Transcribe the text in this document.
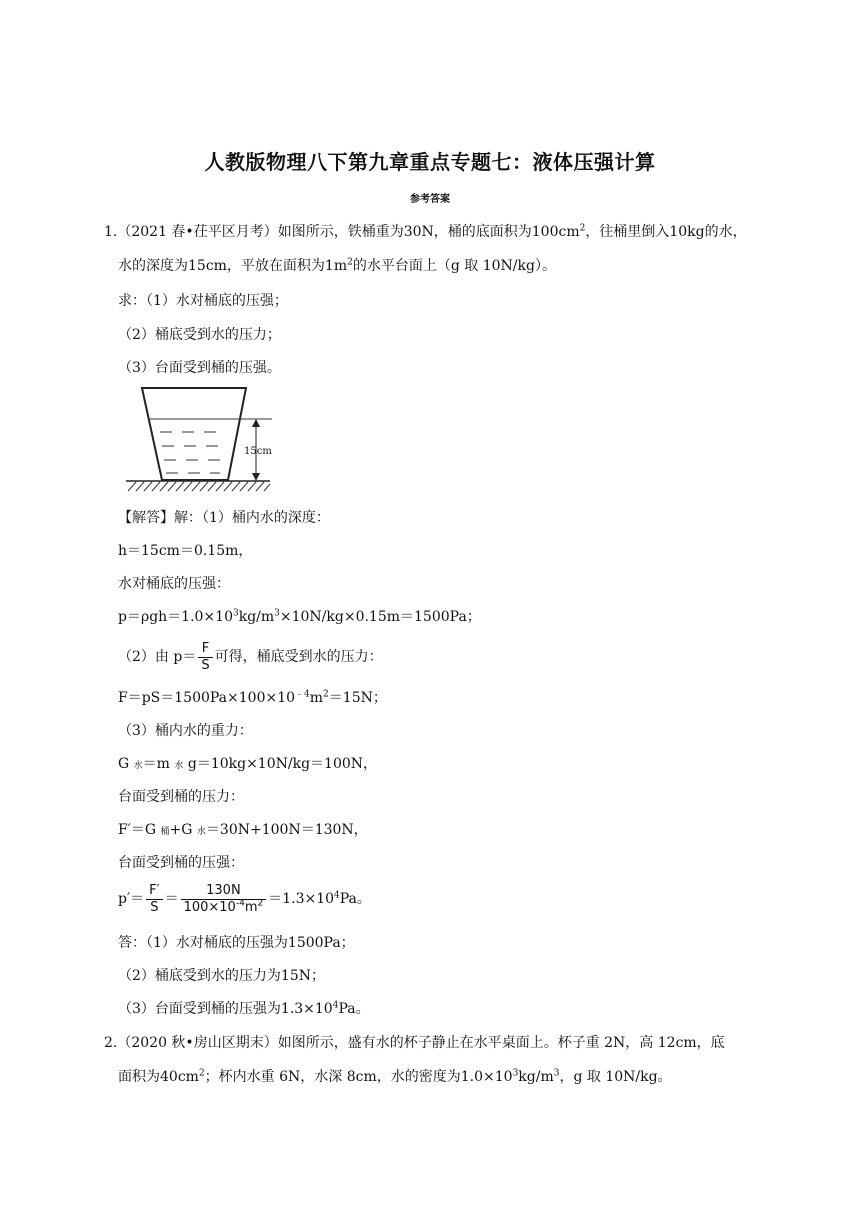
人教版物理八下第九章重点专题七：液体压强计算
参考答案
1.（2021 春•茌平区月考）如图所示，铁桶重为30N，桶的底面积为$100cm^2$，往桶里倒入10kg的水，
水的深度为15cm，平放在面积为$1m^2$的水平台面上（g 取 10N/kg）。
求：（1）水对桶底的压强；
（2）桶底受到水的压力；
（3）台面受到桶的压强。
15cm
【解答】解：（1）桶内水的深度：
h＝15cm＝0.15m，
水对桶底的压强：
$p=\rho gh=1.0\times 10^3kg/m^3\times 10N/kg\times 0.15m=1500Pa$；
（2）由 $p= \frac{F}{S}$ 可得，桶底受到水的压力：
$F=pS=1500Pa\times 100\times 10^{﹣4}m^2=15N$；
（3）桶内水的重力：
G 水＝m 水 g＝10kg×10N/kg＝100N，
台面受到桶的压力：
F′＝G 桶+G 水＝30N+100N＝130N，
台面受到桶的压强：
$p'= \frac{F'}{S} = \frac{130N}{100\times 10^{-4}m^2} =1.3\times 10^4Pa$。
答：（1）水对桶底的压强为1500Pa；
（2）桶底受到水的压力为15N；
（3）台面受到桶的压强为$1.3\times 10^4Pa$。
2.（2020 秋•房山区期末）如图所示，盛有水的杯子静止在水平桌面上。杯子重 2N，高 12cm，底
面积为$40cm^2$；杯内水重 6N，水深 8cm，水的密度为$1.0\times 10^3kg/m^3$，g 取 10N/kg。
